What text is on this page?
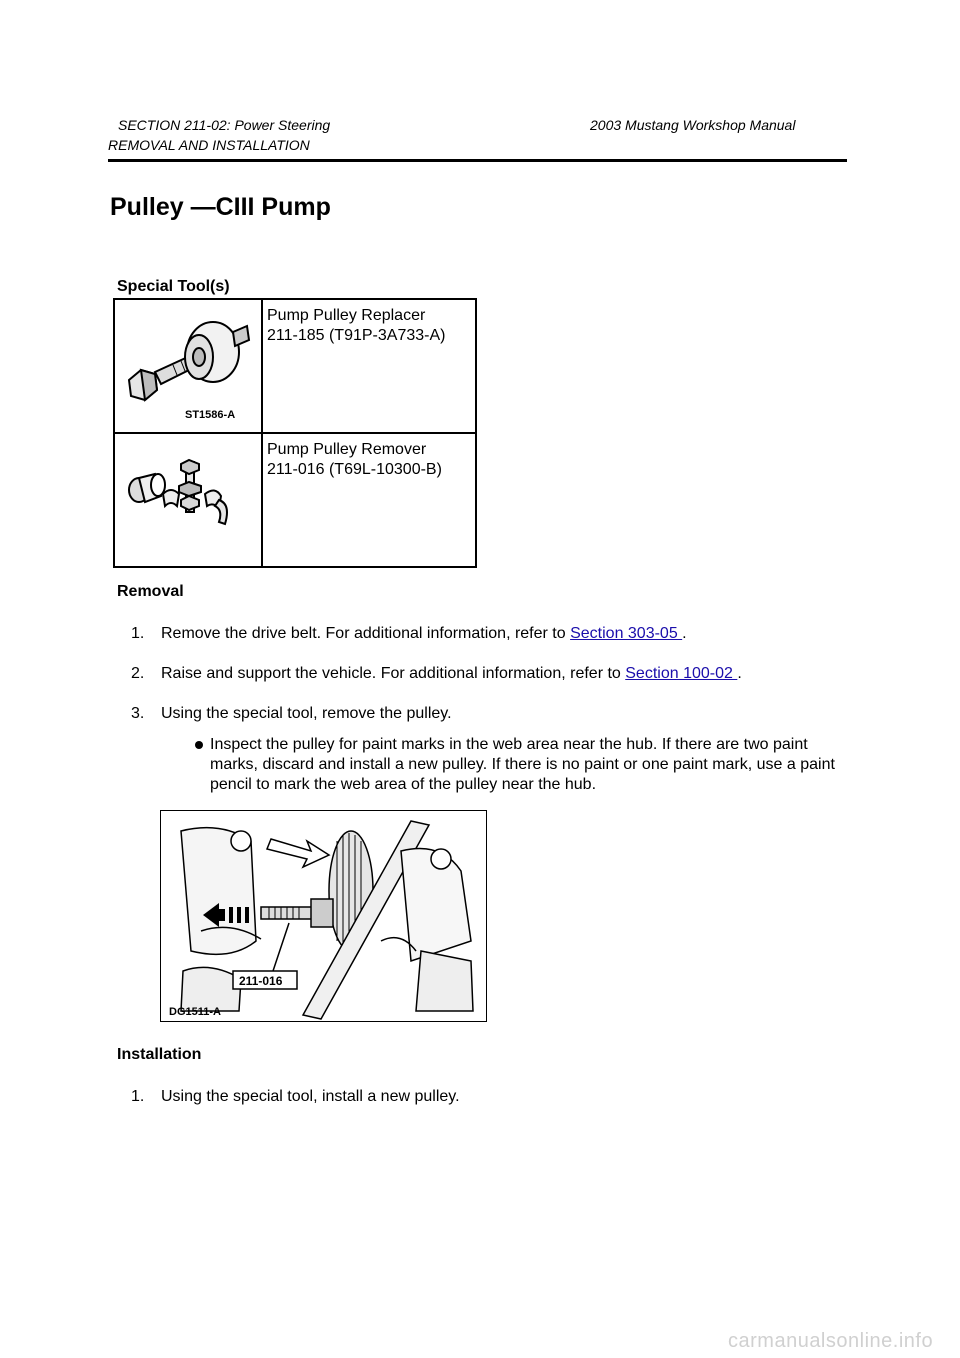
SECTION 211-02: Power Steering	2003 Mustang Workshop Manual
REMOVAL AND INSTALLATION
Pulley —CIII Pump
Special Tool(s)
ST1586-A	Pump Pulley Replacer
211-185 (T91P-3A733-A)

Pump Pulley Remover
211-016 (T69L-10300-B)
Removal
1. Remove the drive belt. For additional information, refer to Section 303-05 .
2. Raise and support the vehicle. For additional information, refer to Section 100-02 .
3. Using the special tool, remove the pulley.
Inspect the pulley for paint marks in the web area near the hub. If there are two paint
marks, discard and install a new pulley. If there is no paint or one paint mark, use a paint
pencil to mark the web area of the pulley near the hub.
211-016
DG1511-A
Installation
1. Using the special tool, install a new pulley.
carmanualsonline.info
